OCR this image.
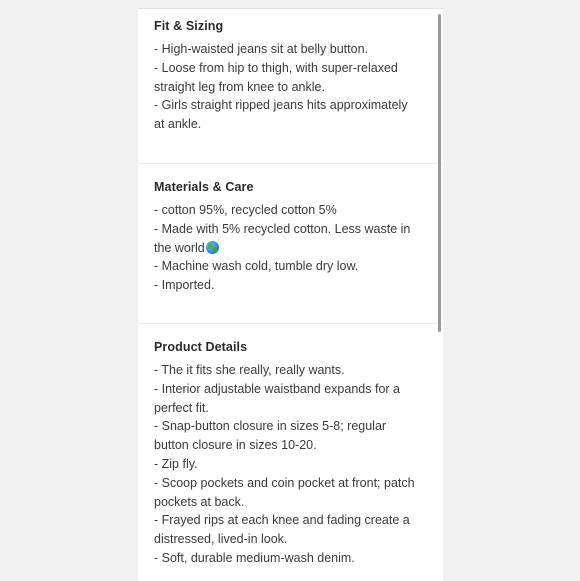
Fit & Sizing
- High-waisted jeans sit at belly button.
- Loose from hip to thigh, with super-relaxed
straight leg from knee to ankle.
- Girls straight ripped jeans hits approximately
at ankle.
Materials & Care
- cotton 95%, recycled cotton 5%
- Made with 5% recycled cotton. Less waste in
the world
- Machine wash cold, tumble dry low.
- Imported.
Product Details
- The it fits she really, really wants.
- Interior adjustable waistband expands for a
perfect fit.
- Snap-button closure in sizes 5-8; regular
button closure in sizes 10-20.
- Zip fly.
- Scoop pockets and coin pocket at front; patch
pockets at back.
- Frayed rips at each knee and fading create a
distressed, lived-in look.
- Soft, durable medium-wash denim.
